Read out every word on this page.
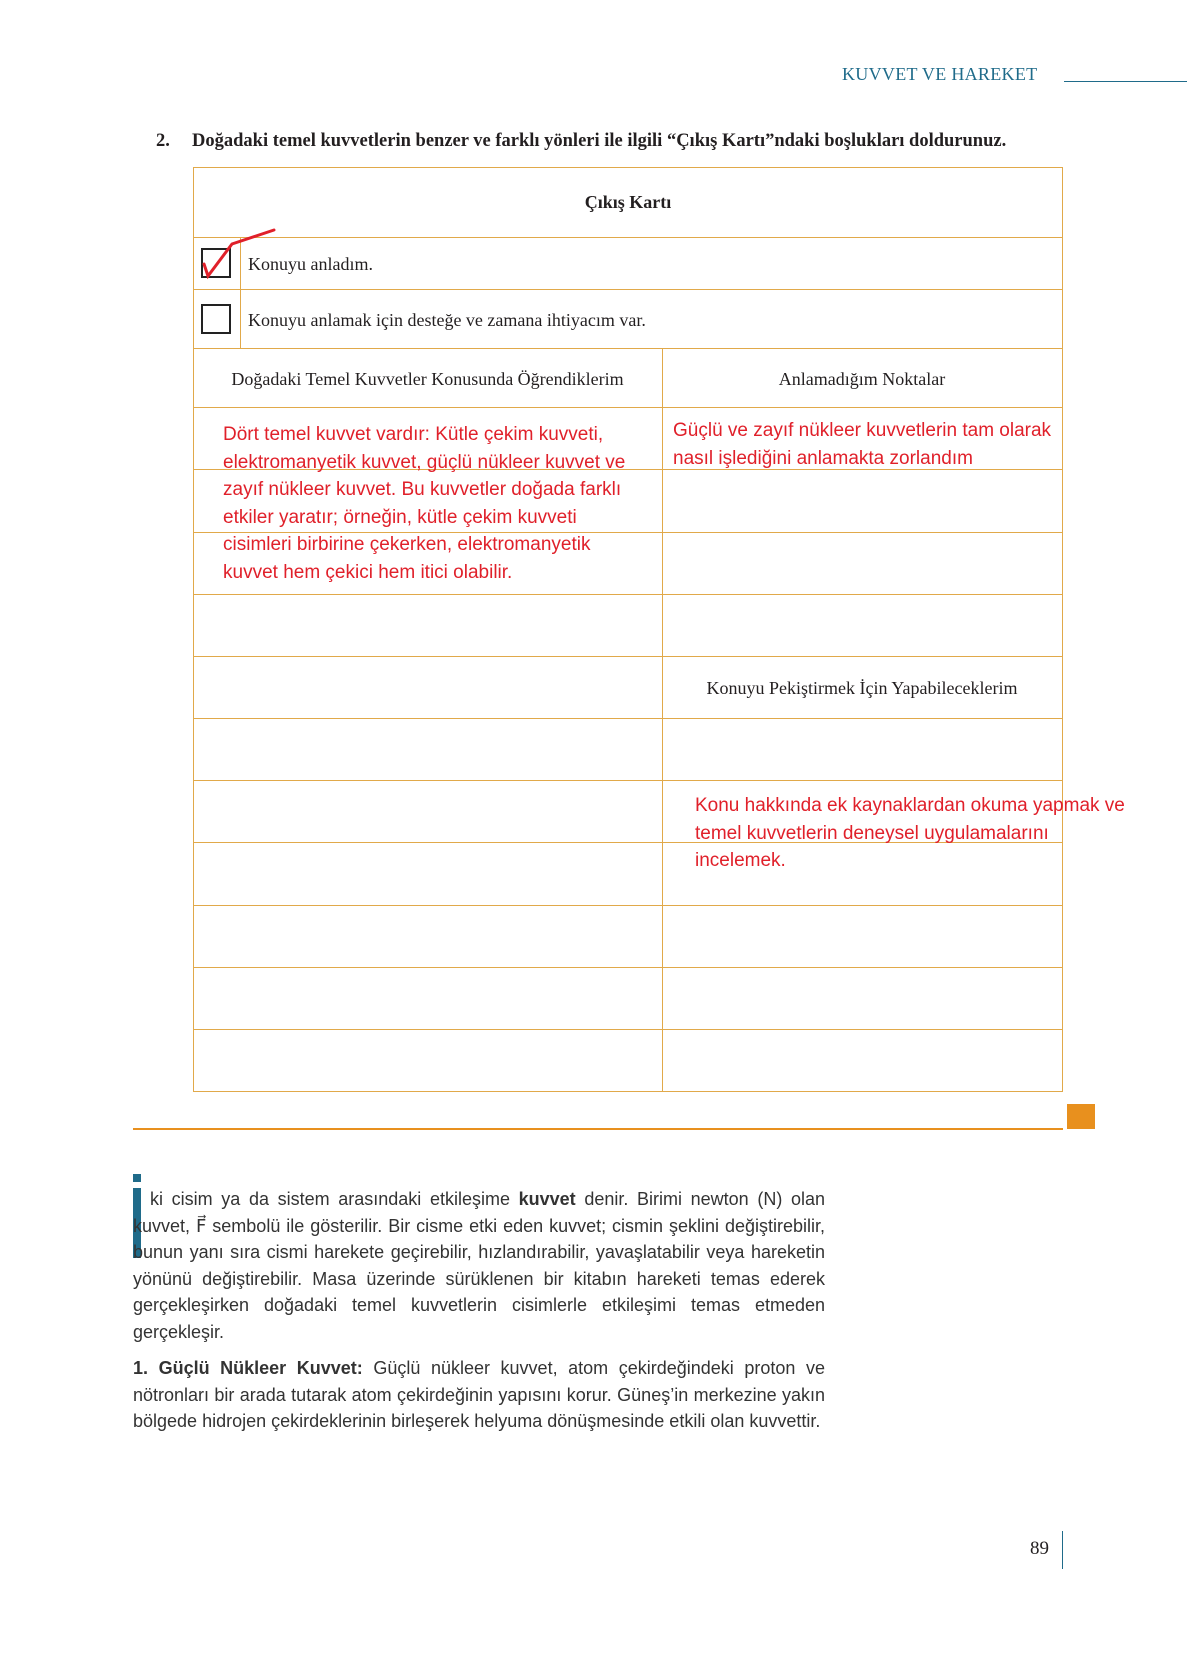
KUVVET VE HAREKET
2. Doğadaki temel kuvvetlerin benzer ve farklı yönleri ile ilgili “Çıkış Kartı”ndaki boşlukları doldurunuz.
Çıkış Kartı
Konuyu anladım.
Konuyu anlamak için desteğe ve zamana ihtiyacım var.
Doğadaki Temel Kuvvetler Konusunda Öğrendiklerim	Anlamadığım Noktalar
Konuyu Pekiştirmek İçin Yapabileceklerim
Dört temel kuvvet vardır: Kütle çekim kuvveti, elektromanyetik kuvvet, güçlü nükleer kuvvet ve zayıf nükleer kuvvet. Bu kuvvetler doğada farklı etkiler yaratır; örneğin, kütle çekim kuvveti cisimleri birbirine çekerken, elektromanyetik kuvvet hem çekici hem itici olabilir.
Güçlü ve zayıf nükleer kuvvetlerin tam olarak nasıl işlediğini anlamakta zorlandım
Konu hakkında ek kaynaklardan okuma yapmak ve temel kuvvetlerin deneysel uygulamalarını incelemek.

ki cisim ya da sistem arasındaki etkileşime kuvvet denir. Birimi newton (N) olan kuvvet, F⃗ sembolü ile gösterilir. Bir cisme etki eden kuvvet; cismin şeklini değiştirebilir, bunun yanı sıra cismi harekete geçirebilir, hızlandırabilir, yavaşlatabilir veya hareketin yönünü değiştirebilir. Masa üzerinde sürüklenen bir kitabın hareketi temas ederek gerçekleşirken doğadaki temel kuvvetlerin cisimlerle etkileşimi temas etmeden gerçekleşir.

1. Güçlü Nükleer Kuvvet: Güçlü nükleer kuvvet, atom çekirdeğindeki proton ve nötronları bir arada tutarak atom çekirdeğinin yapısını korur. Güneş’in merkezine yakın bölgede hidrojen çekirdeklerinin birleşerek helyuma dönüşmesinde etkili olan kuvvettir.

89
